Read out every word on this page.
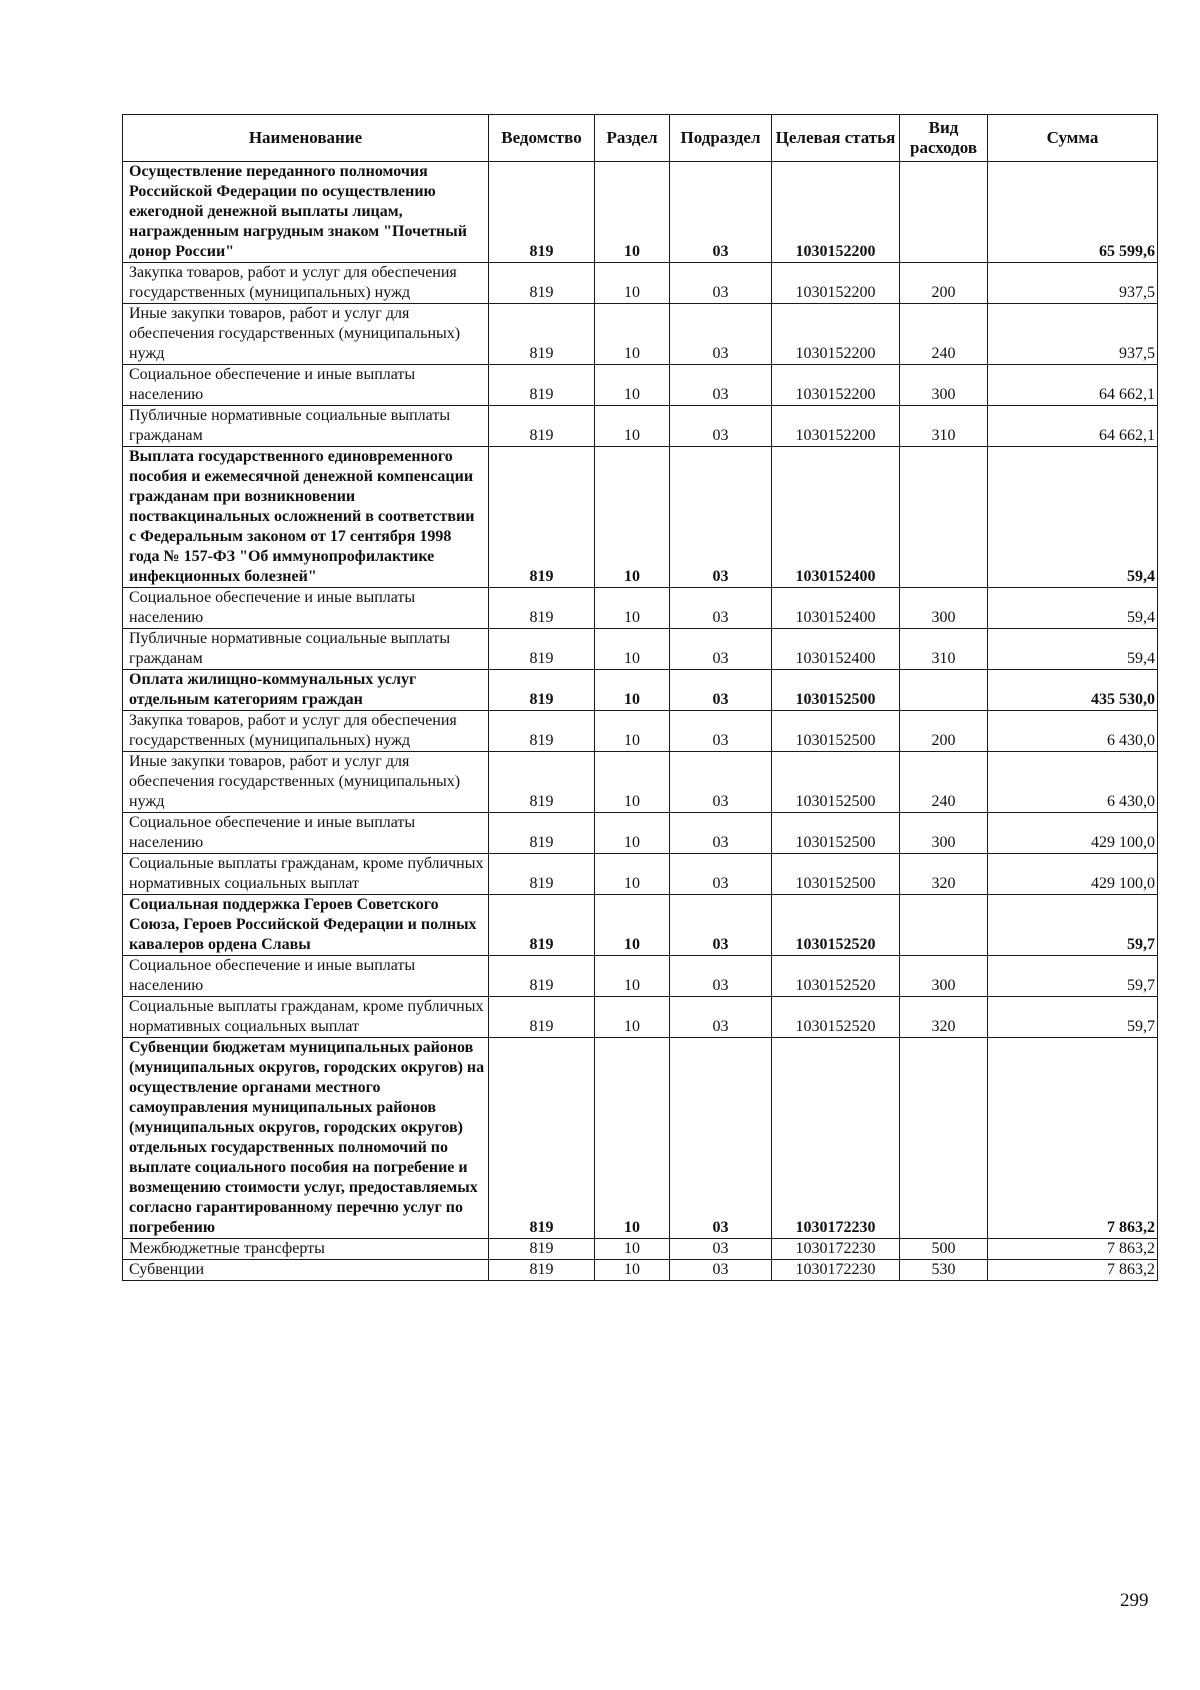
Наименование	Ведомство	Раздел	Подраздел	Целевая статья	Вид расходов	Сумма
Осуществление переданного полномочия Российской Федерации по осуществлению ежегодной денежной выплаты лицам, награжденным нагрудным знаком "Почетный донор России"	819	10	03	1030152200		65 599,6
Закупка товаров, работ и услуг для обеспечения государственных (муниципальных) нужд	819	10	03	1030152200	200	937,5
Иные закупки товаров, работ и услуг для обеспечения государственных (муниципальных) нужд	819	10	03	1030152200	240	937,5
Социальное обеспечение и иные выплаты населению	819	10	03	1030152200	300	64 662,1
Публичные нормативные социальные выплаты гражданам	819	10	03	1030152200	310	64 662,1
Выплата государственного единовременного пособия и ежемесячной денежной компенсации гражданам при возникновении поствакцинальных осложнений в соответствии с Федеральным законом от 17 сентября 1998 года № 157-ФЗ "Об иммунопрофилактике инфекционных болезней"	819	10	03	1030152400		59,4
Социальное обеспечение и иные выплаты населению	819	10	03	1030152400	300	59,4
Публичные нормативные социальные выплаты гражданам	819	10	03	1030152400	310	59,4
Оплата жилищно-коммунальных услуг отдельным категориям граждан	819	10	03	1030152500		435 530,0
Закупка товаров, работ и услуг для обеспечения государственных (муниципальных) нужд	819	10	03	1030152500	200	6 430,0
Иные закупки товаров, работ и услуг для обеспечения государственных (муниципальных) нужд	819	10	03	1030152500	240	6 430,0
Социальное обеспечение и иные выплаты населению	819	10	03	1030152500	300	429 100,0
Социальные выплаты гражданам, кроме публичных нормативных социальных выплат	819	10	03	1030152500	320	429 100,0
Социальная поддержка Героев Советского Союза, Героев Российской Федерации и полных кавалеров ордена Славы	819	10	03	1030152520		59,7
Социальное обеспечение и иные выплаты населению	819	10	03	1030152520	300	59,7
Социальные выплаты гражданам, кроме публичных нормативных социальных выплат	819	10	03	1030152520	320	59,7
Субвенции бюджетам муниципальных районов (муниципальных округов, городских округов) на осуществление органами местного самоуправления муниципальных районов (муниципальных округов, городских округов) отдельных государственных полномочий по выплате социального пособия на погребение и возмещению стоимости услуг, предоставляемых согласно гарантированному перечню услуг по погребению	819	10	03	1030172230		7 863,2
Межбюджетные трансферты	819	10	03	1030172230	500	7 863,2
Субвенции	819	10	03	1030172230	530	7 863,2
299
